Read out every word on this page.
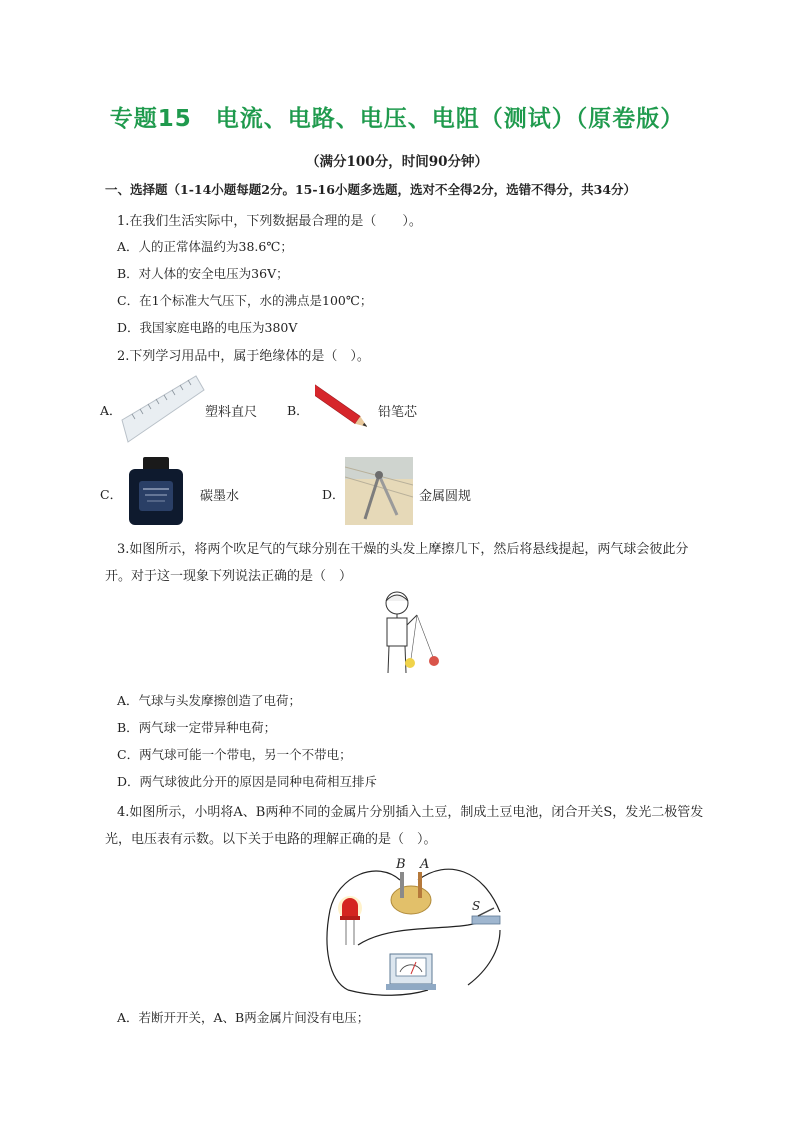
专题15　电流、电路、电压、电阻（测试）（原卷版）
（满分100分，时间90分钟）
一、选择题（1-14小题每题2分。15-16小题多选题，选对不全得2分，选错不得分，共34分）
1.在我们生活实际中，下列数据最合理的是（　　）。
A．人的正常体温约为38.6℃；
B．对人体的安全电压为36V；
C．在1个标准大气压下，水的沸点是100℃；
D．我国家庭电路的电压为380V
2.下列学习用品中，属于绝缘体的是（　）。
A．	塑料直尺 B．	铅笔芯
C．	碳墨水	D．	金属圆规
3.如图所示，将两个吹足气的气球分别在干燥的头发上摩擦几下，然后将悬线提起，两气球会彼此分
开。对于这一现象下列说法正确的是（　）
A．气球与头发摩擦创造了电荷；
B．两气球一定带异种电荷；
C．两气球可能一个带电，另一个不带电；
D．两气球彼此分开的原因是同种电荷相互排斥
4.如图所示，小明将A、B两种不同的金属片分别插入土豆，制成土豆电池，闭合开关S，发光二极管发
光，电压表有示数。以下关于电路的理解正确的是（　）。
B A
S
A．若断开开关，A、B两金属片间没有电压；
